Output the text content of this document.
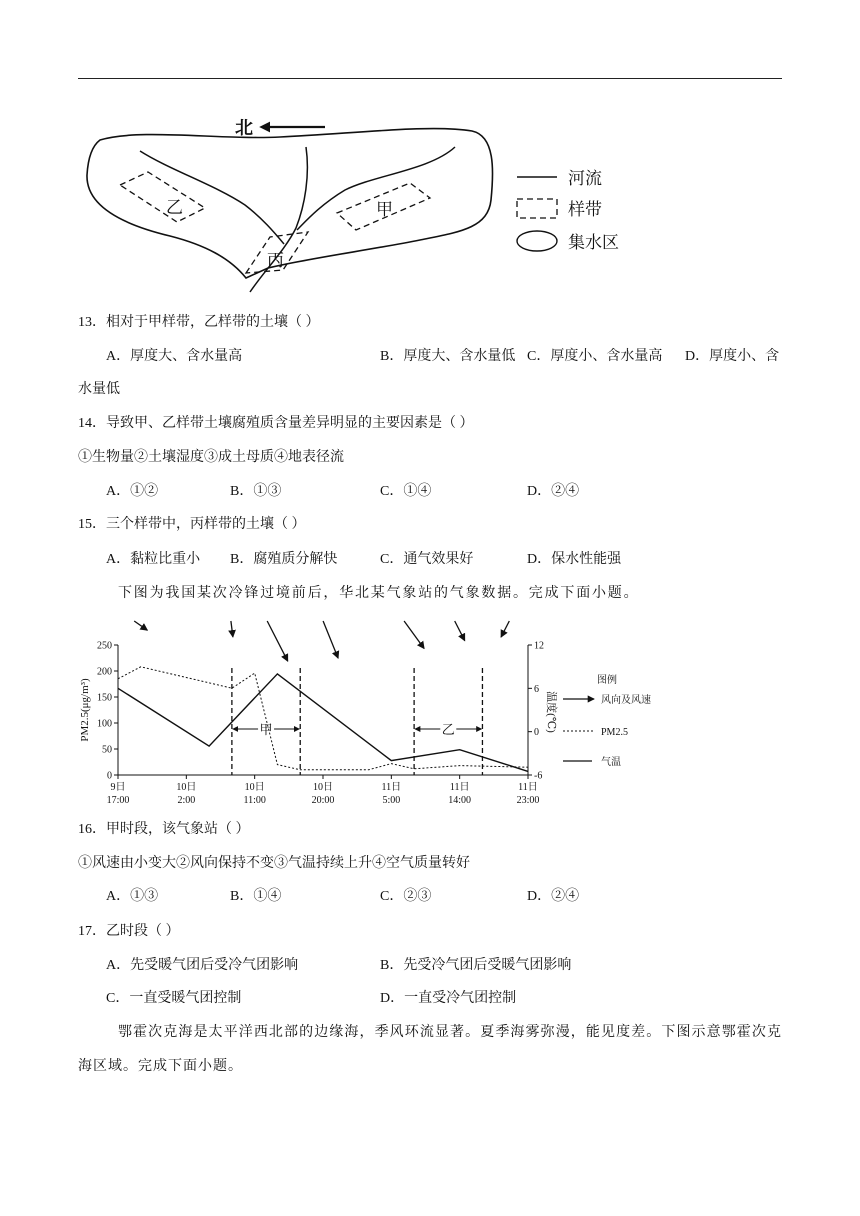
北
乙	甲
丙
河流
样带
集水区
13．相对于甲样带，乙样带的土壤（ ）
A．厚度大、含水量高	B．厚度大、含水量低 C．厚度小、含水量高 D．厚度小、含水量低
14．导致甲、乙样带土壤腐殖质含量差异明显的主要因素是（ ）
①生物量②土壤湿度③成土母质④地表径流
A．①②	B．①③	C．①④	D．②④
15．三个样带中，丙样带的土壤（ ）
A．黏粒比重小 B．腐殖质分解快	C．通气效果好	D．保水性能强
下图为我国某次冷锋过境前后，华北某气象站的气象数据。完成下面小题。
0
50
100
150
200
250
-6
0
6
12
9日
17:00
10日
2:00
10日
11:00
10日
20:00
11日
5:00
11日
14:00
11日
23:00
甲	乙
PM2.5(μg/m³)	温度(℃)
图例
风向及风速
PM2.5
气温
16．甲时段，该气象站（ ）
①风速由小变大②风向保持不变③气温持续上升④空气质量转好
A．①③	B．①④	C．②③	D．②④
17．乙时段（ ）
A．先受暖气团后受冷气团影响	B．先受冷气团后受暖气团影响
C．一直受暖气团控制	D．一直受冷气团控制
鄂霍次克海是太平洋西北部的边缘海，季风环流显著。夏季海雾弥漫，能见度差。下图示意鄂霍次克海区域。完成下面小题。
